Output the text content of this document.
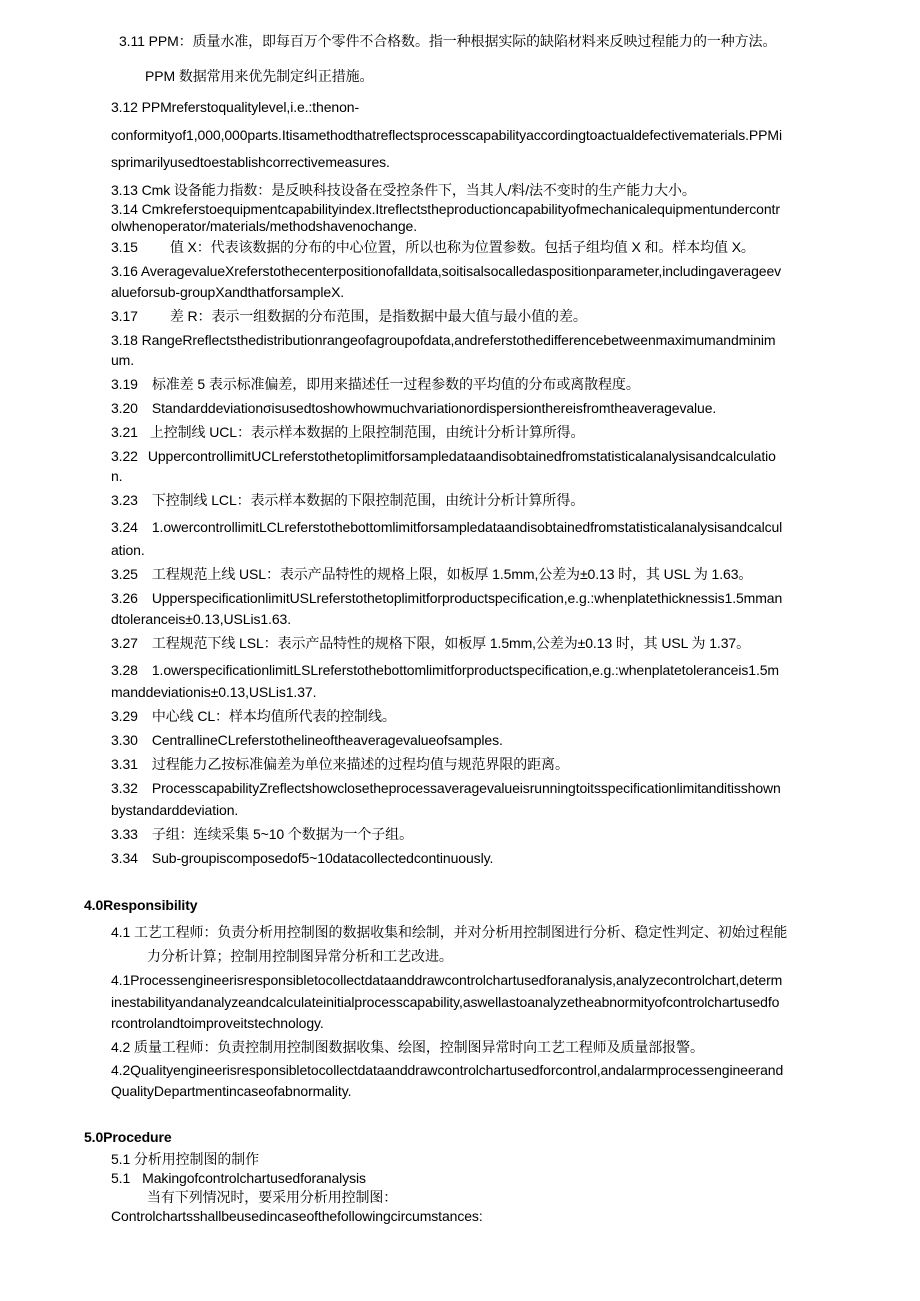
3.11 PPM：质量水准，即每百万个零件不合格数。指一种根据实际的缺陷材料来反映过程能力的一种方法。
PPM 数据常用来优先制定纠正措施。
3.12 PPMreferstoqualitylevel,i.e.:thenon-
conformityof1,000,000parts.Itisamethodthatreflectsprocesscapabilityaccordingtoactualdefectivematerials.PPMi
sprimarilyusedtoestablishcorrectivemeasures.
3.13 Cmk 设备能力指数：是反映科技设备在受控条件下，当其人/料/法不变时的生产能力大小。
3.14 Cmkreferstoequipmentcapabilityindex.Itreflectstheproductioncapabilityofmechanicalequipmentundercontr
olwhenoperator/materials/methodshavenochange.
3.15 值 X：代表该数据的分布的中心位置，所以也称为位置参数。包括子组均值 X 和。样本均值 X。
3.16 AveragevalueXreferstothecenterpositionofalldata,soitisalsocalledaspositionparameter,includingaverageev
alueforsub-groupXandthatforsampleX.
3.17 差 R：表示一组数据的分布范围，是指数据中最大值与最小值的差。
3.18 RangeRreflectsthedistributionrangeofagroupofdata,andreferstothedifferencebetweenmaximumandminim
um.
3.19 标准差 5 表示标准偏差，即用来描述任一过程参数的平均值的分布或离散程度。
3.20 Standarddeviationσisusedtoshowhowmuchvariationordispersionthereisfromtheaveragevalue.
3.21 上控制线 UCL：表示样本数据的上限控制范围，由统计分析计算所得。
3.22 UppercontrollimitUCLreferstothetoplimitforsampledataandisobtainedfromstatisticalanalysisandcalculatio
n.
3.23 下控制线 LCL：表示样本数据的下限控制范围，由统计分析计算所得。
3.24 1.owercontrollimitLCLreferstothebottomlimitforsampledataandisobtainedfromstatisticalanalysisandcalcul
ation.
3.25 工程规范上线 USL：表示产品特性的规格上限，如板厚 1.5mm,公差为±0.13 时，其 USL 为 1.63。
3.26 UpperspecificationlimitUSLreferstothetoplimitforproductspecification,e.g.:whenplatethicknessis1.5mman
dtoleranceis±0.13,USLis1.63.
3.27 工程规范下线 LSL：表示产品特性的规格下限，如板厚 1.5mm,公差为±0.13 时，其 USL 为 1.37。
3.28 1.owerspecificationlimitLSLreferstothebottomlimitforproductspecification,e.g.:whenplatetoleranceis1.5m
manddeviationis±0.13,USLis1.37.
3.29 中心线 CL：样本均值所代表的控制线。
3.30 CentrallineCLreferstothelineoftheaveragevalueofsamples.
3.31 过程能力乙按标准偏差为单位来描述的过程均值与规范界限的距离。
3.32 ProcesscapabilityZreflectshowclosetheprocessaveragevalueisrunningtoitsspecificationlimitanditisshown
bystandarddeviation.
3.33 子组：连续采集 5~10 个数据为一个子组。
3.34 Sub-groupiscomposedof5~10datacollectedcontinuously.
4.0Responsibility
4.1 工艺工程师：负责分析用控制图的数据收集和绘制，并对分析用控制图进行分析、稳定性判定、初始过程能
力分析计算；控制用控制图异常分析和工艺改进。
4.1Processengineerisresponsibletocollectdataanddrawcontrolchartusedforanalysis,analyzecontrolchart,determ
inestabilityandanalyzeandcalculateinitialprocesscapability,aswellastoanalyzetheabnormityofcontrolchartusedfo
rcontrolandtoimproveitstechnology.
4.2 质量工程师：负责控制用控制图数据收集、绘图，控制图异常时向工艺工程师及质量部报警。
4.2Qualityengineerisresponsibletocollectdataanddrawcontrolchartusedforcontrol,andalarmprocessengineerand
QualityDepartmentincaseofabnormality.
5.0Procedure
5.1 分析用控制图的制作
5.1 Makingofcontrolchartusedforanalysis
当有下列情况时，要采用分析用控制图：
Controlchartsshallbeusedincaseofthefollowingcircumstances:
